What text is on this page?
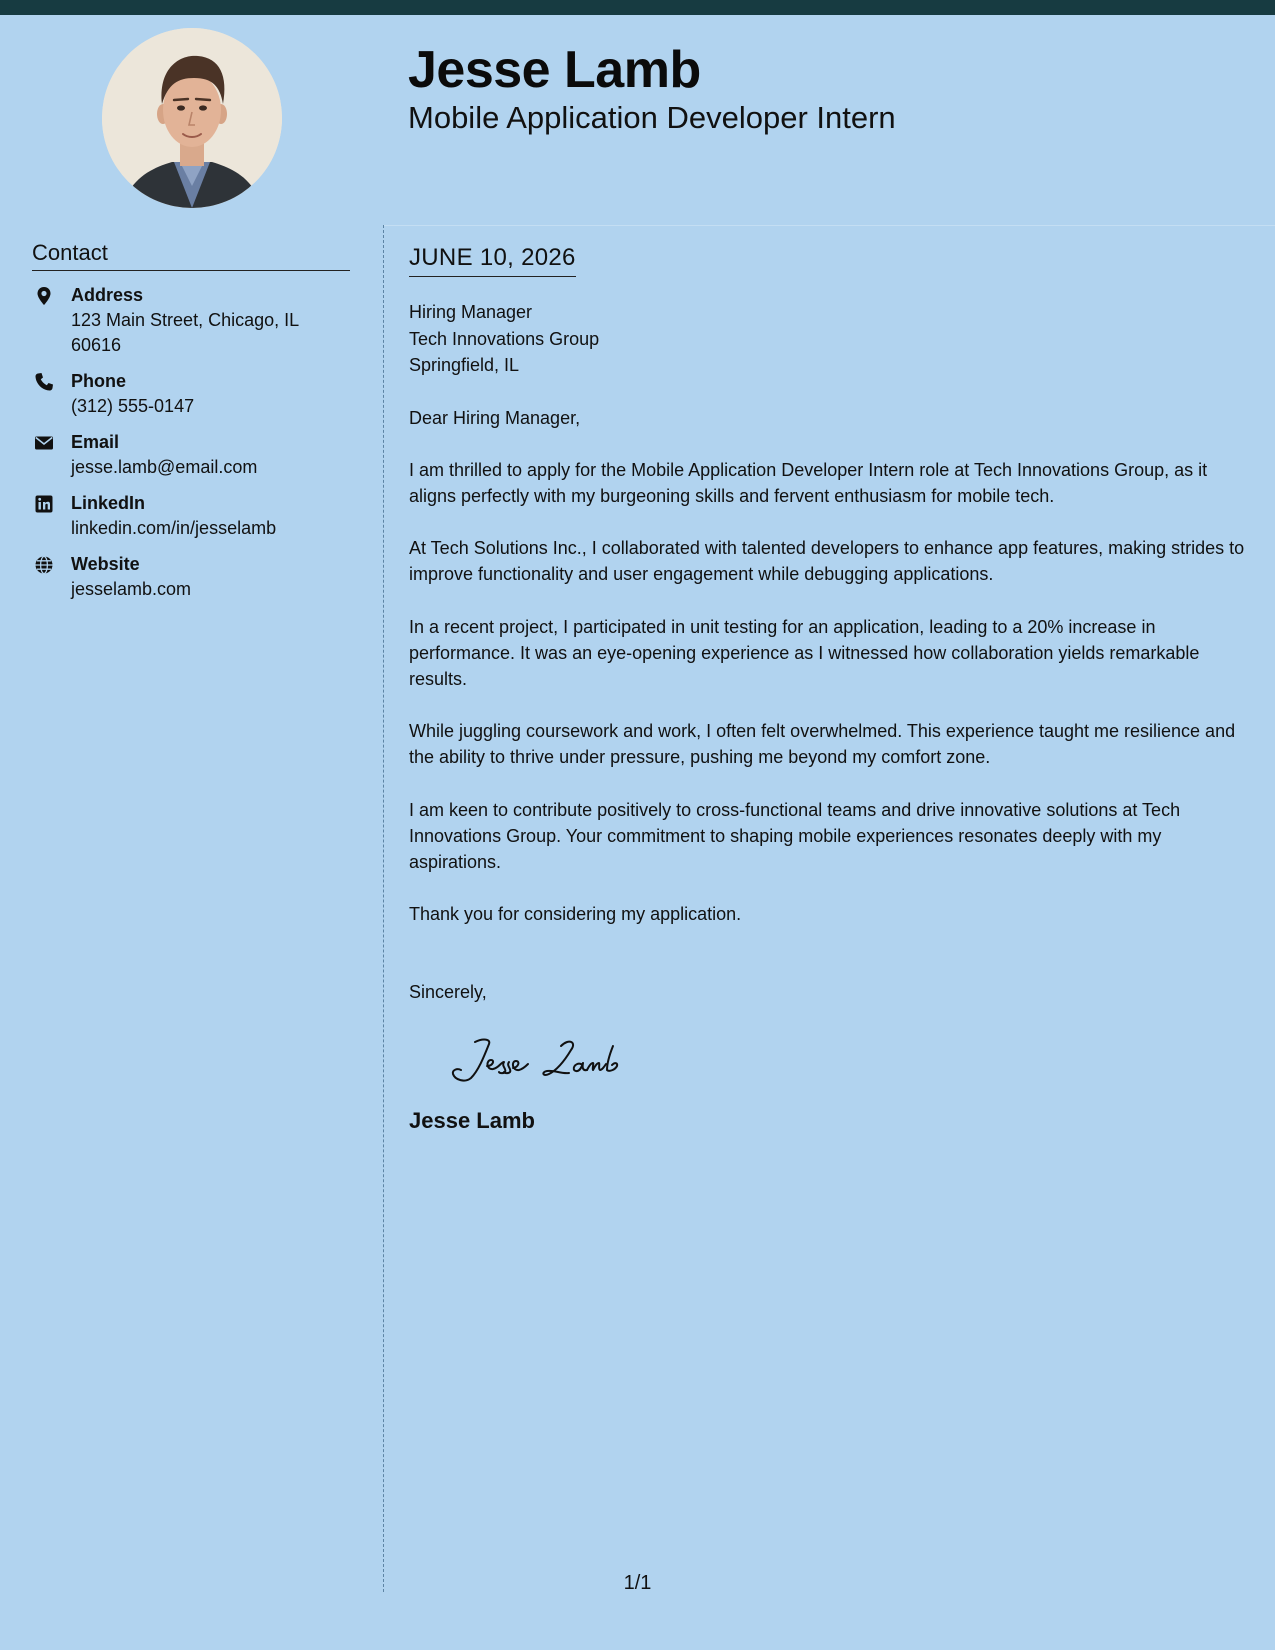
Jesse Lamb
Mobile Application Developer Intern
Contact
Address
123 Main Street, Chicago, IL 60616
Phone
(312) 555-0147
Email
jesse.lamb@email.com
LinkedIn
linkedin.com/in/jesselamb
Website
jesselamb.com
JUNE 10, 2026
Hiring Manager
Tech Innovations Group
Springfield, IL

Dear Hiring Manager,

I am thrilled to apply for the Mobile Application Developer Intern role at Tech Innovations Group, as it aligns perfectly with my burgeoning skills and fervent enthusiasm for mobile tech.

At Tech Solutions Inc., I collaborated with talented developers to enhance app features, making strides to improve functionality and user engagement while debugging applications.

In a recent project, I participated in unit testing for an application, leading to a 20% increase in performance. It was an eye-opening experience as I witnessed how collaboration yields remarkable results.

While juggling coursework and work, I often felt overwhelmed. This experience taught me resilience and the ability to thrive under pressure, pushing me beyond my comfort zone.

I am keen to contribute positively to cross-functional teams and drive innovative solutions at Tech Innovations Group. Your commitment to shaping mobile experiences resonates deeply with my aspirations.

Thank you for considering my application.

Sincerely,

Jesse Lamb
1/1
